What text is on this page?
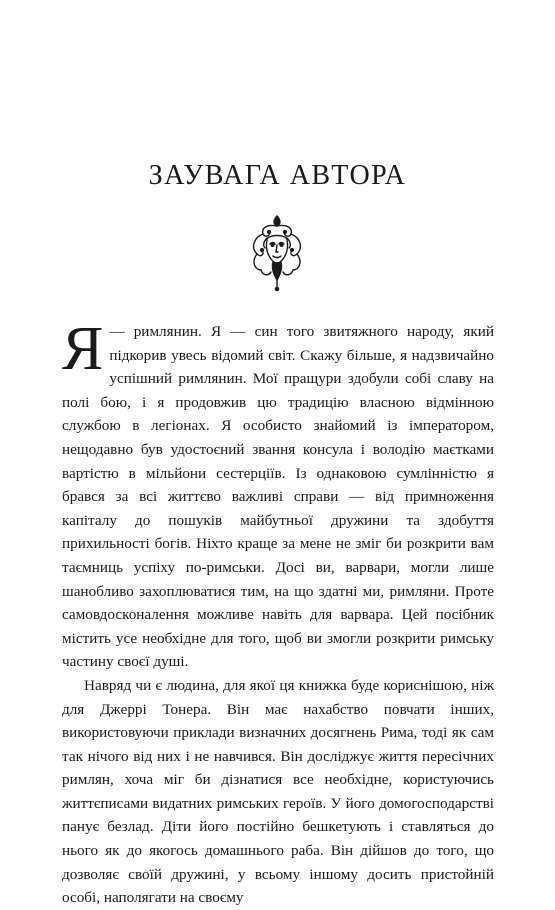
ЗАУВАГА АВТОРА

Я — римлянин. Я — син того звитяжного народу, який підкорив увесь відомий світ. Скажу більше, я надзвичайно успішний римлянин. Мої пращури здобули собі славу на полі бою, і я продовжив цю традицію власною відмінною службою в легіонах. Я особисто знайомий із імператором, нещодавно був удостоєний звання консула і володію маєтками вартістю в мільйони сестерціїв. Із однаковою сумлінністю я брався за всі життєво важливі справи — від примноження капіталу до пошуків майбутньої дружини та здобуття прихильності богів. Ніхто краще за мене не зміг би розкрити вам таємниць успіху по-римськи. Досі ви, варвари, могли лише шанобливо захоплюватися тим, на що здатні ми, римляни. Проте самовдосконалення можливе навіть для варвара. Цей посібник містить усе необхідне для того, щоб ви змогли розкрити римську частину своєї душі.

Навряд чи є людина, для якої ця книжка буде кориснішою, ніж для Джеррі Тонера. Він має нахабство повчати інших, використовуючи приклади визначних досягнень Рима, тоді як сам так нічого від них і не навчився. Він досліджує життя пересічних римлян, хоча міг би дізнатися все необхідне, користуючись життєписами видатних римських героїв. У його домогосподарстві панує безлад. Діти його постійно бешкетують і ставляться до нього як до якогось домашнього раба. Він дійшов до того, що дозволяє своїй дружині, у всьому іншому досить пристойній особі, наполягати на своєму
